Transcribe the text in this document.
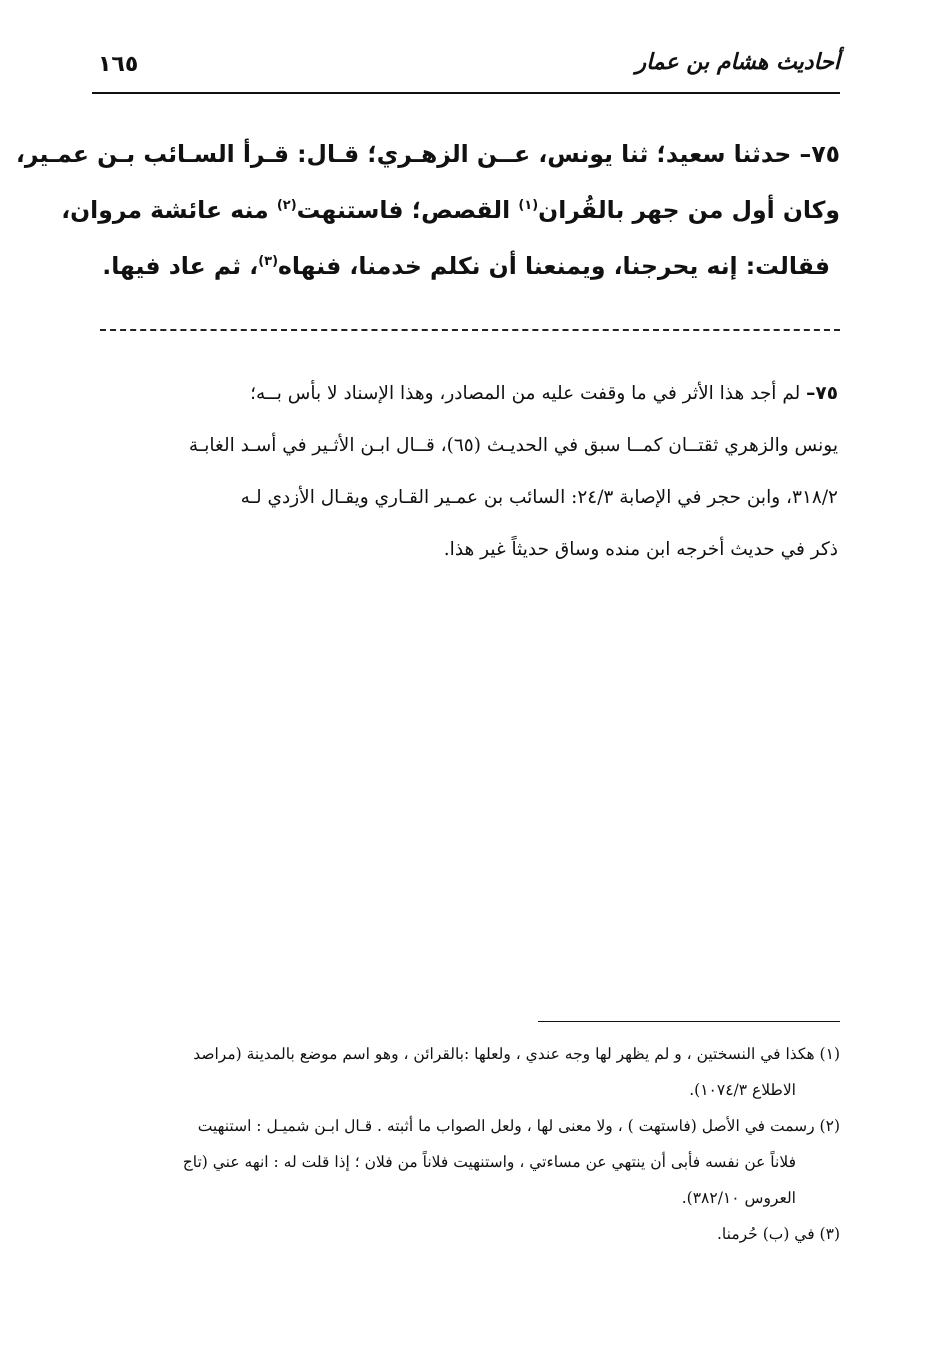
أحاديث هشام بن عمار
١٦٥
٧٥– حدثنا سعيد؛ ثنا يونس، عــن الزهـري؛ قـال: قـرأ السـائب بـن عمـير،
وكان أول من جهر بالقُران$^{(١)}$ القصص؛ فاستنهت$^{(٢)}$ منه عائشة مروان،
فقالت: إنه يحرجنا، ويمنعنا أن نكلم خدمنا، فنهاه$^{(٣)}$، ثم عاد فيها.
٧٥– لم أجد هذا الأثر في ما وقفت عليه من المصادر، وهذا الإسناد لا بأس بــه؛
يونس والزهري ثقتــان كمــا سبق في الحديـث (٦٥)، قــال ابـن الأثـير في أسـد الغابـة
٣١٨/٢، وابن حجر في الإصابة ٢٤/٣: السائب بن عمـير القـاري ويقـال الأزدي لـه
ذكر في حديث أخرجه ابن منده وساق حديثاً غير هذا.
(١) هكذا في النسختين ، و لم يظهر لها وجه عندي ، ولعلها :بالقرائن ، وهو اسم موضع بالمدينة (مراصد
الاطلاع ١٠٧٤/٣).
(٢) رسمت في الأصل (فاستهت ) ، ولا معنى لها ، ولعل الصواب ما أثبته . قـال ابـن شميـل : استنهيت
فلاناً عن نفسه فأبى أن ينتهي عن مساءتي ، واستنهيت فلاناً من فلان ؛ إذا قلت له : انهه عني (تاج
العروس ٣٨٢/١٠).
(٣) في (ب) حُرمنا.
